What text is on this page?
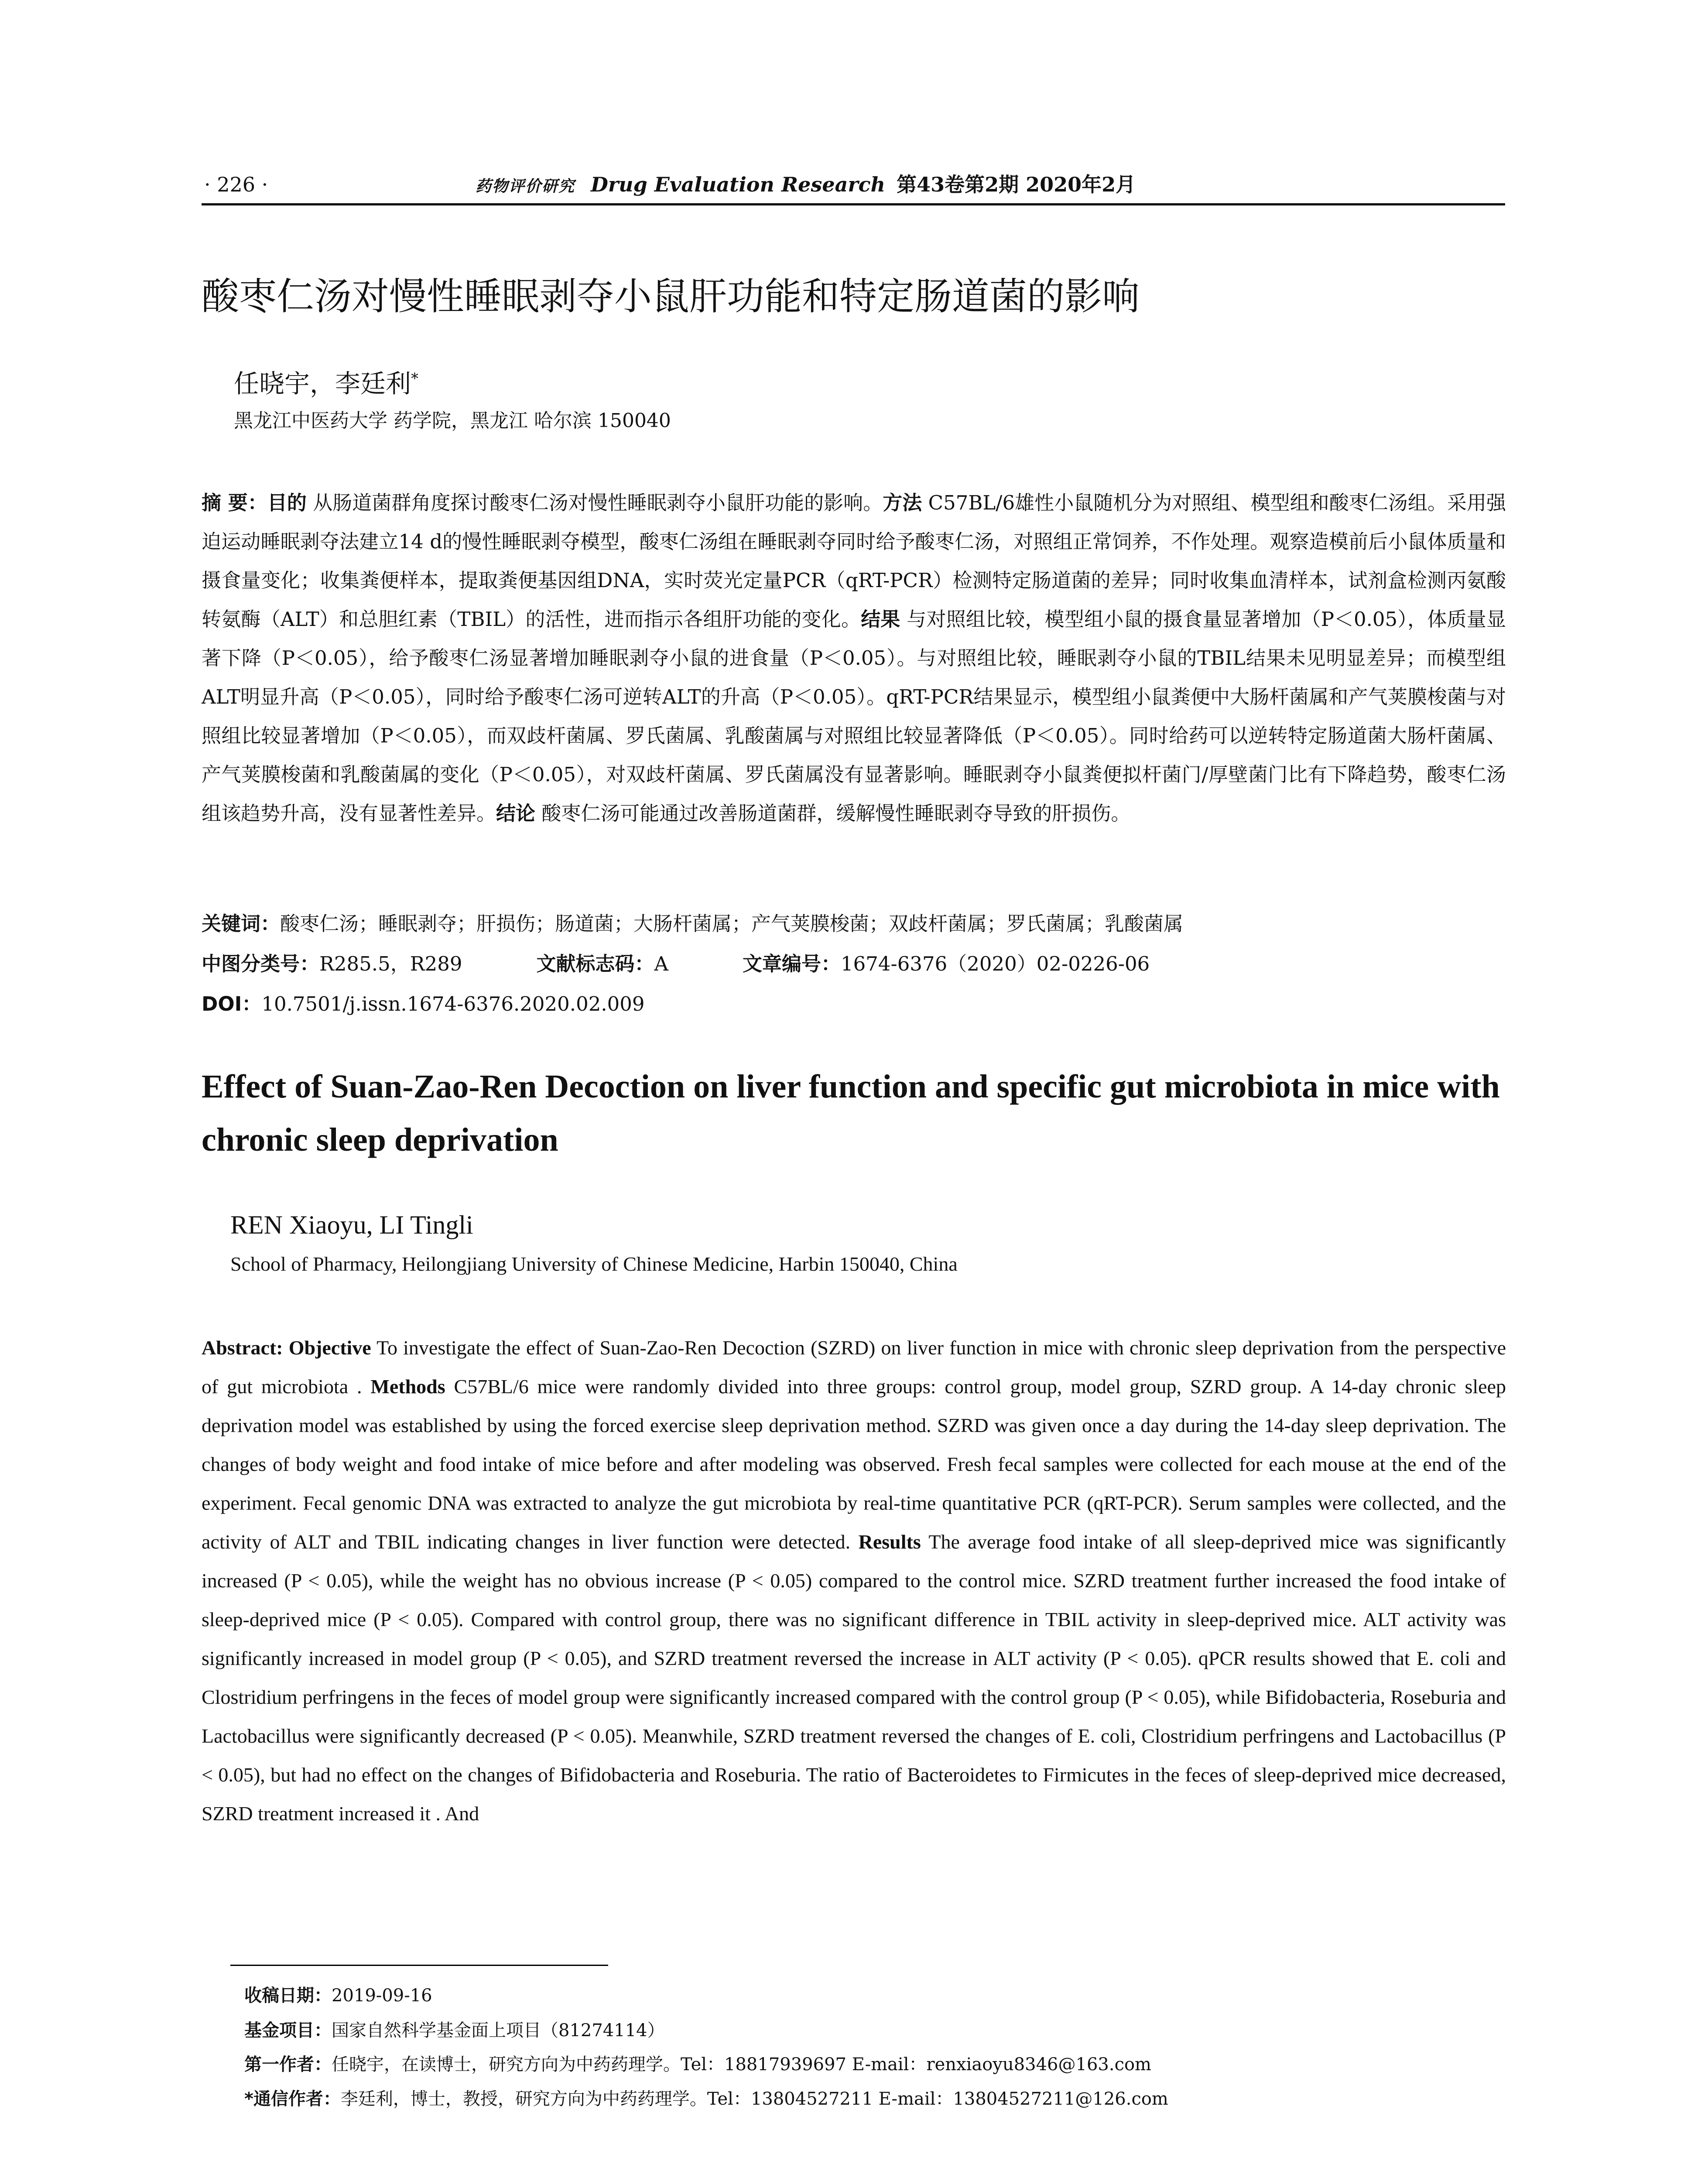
· 226 ·	药物评价研究 Drug Evaluation Research 第43卷第2期 2020年2月
酸枣仁汤对慢性睡眠剥夺小鼠肝功能和特定肠道菌的影响
任晓宇，李廷利*
黑龙江中医药大学 药学院，黑龙江 哈尔滨 150040
摘 要：目的 从肠道菌群角度探讨酸枣仁汤对慢性睡眠剥夺小鼠肝功能的影响。方法 C57BL/6雄性小鼠随机分为对照组、模型组和酸枣仁汤组。采用强迫运动睡眠剥夺法建立14 d的慢性睡眠剥夺模型，酸枣仁汤组在睡眠剥夺同时给予酸枣仁汤，对照组正常饲养，不作处理。观察造模前后小鼠体质量和摄食量变化；收集粪便样本，提取粪便基因组DNA，实时荧光定量PCR（qRT-PCR）检测特定肠道菌的差异；同时收集血清样本，试剂盒检测丙氨酸转氨酶（ALT）和总胆红素（TBIL）的活性，进而指示各组肝功能的变化。结果 与对照组比较，模型组小鼠的摄食量显著增加（P＜0.05），体质量显著下降（P＜0.05），给予酸枣仁汤显著增加睡眠剥夺小鼠的进食量（P＜0.05）。与对照组比较，睡眠剥夺小鼠的TBIL结果未见明显差异；而模型组ALT明显升高（P＜0.05），同时给予酸枣仁汤可逆转ALT的升高（P＜0.05）。qRT-PCR结果显示，模型组小鼠粪便中大肠杆菌属和产气荚膜梭菌与对照组比较显著增加（P＜0.05），而双歧杆菌属、罗氏菌属、乳酸菌属与对照组比较显著降低（P＜0.05）。同时给药可以逆转特定肠道菌大肠杆菌属、产气荚膜梭菌和乳酸菌属的变化（P＜0.05），对双歧杆菌属、罗氏菌属没有显著影响。睡眠剥夺小鼠粪便拟杆菌门/厚壁菌门比有下降趋势，酸枣仁汤组该趋势升高，没有显著性差异。结论 酸枣仁汤可能通过改善肠道菌群，缓解慢性睡眠剥夺导致的肝损伤。
关键词：酸枣仁汤；睡眠剥夺；肝损伤；肠道菌；大肠杆菌属；产气荚膜梭菌；双歧杆菌属；罗氏菌属；乳酸菌属
中图分类号：R285.5，R289	文献标志码：A	文章编号：1674-6376（2020）02-0226-06
DOI：10.7501/j.issn.1674-6376.2020.02.009
Effect of Suan-Zao-Ren Decoction on liver function and specific gut microbiota in mice with chronic sleep deprivation
REN Xiaoyu, LI Tingli
School of Pharmacy, Heilongjiang University of Chinese Medicine, Harbin 150040, China
Abstract: Objective To investigate the effect of Suan-Zao-Ren Decoction (SZRD) on liver function in mice with chronic sleep deprivation from the perspective of gut microbiota . Methods C57BL/6 mice were randomly divided into three groups: control group, model group, SZRD group. A 14-day chronic sleep deprivation model was established by using the forced exercise sleep deprivation method. SZRD was given once a day during the 14-day sleep deprivation. The changes of body weight and food intake of mice before and after modeling was observed. Fresh fecal samples were collected for each mouse at the end of the experiment. Fecal genomic DNA was extracted to analyze the gut microbiota by real-time quantitative PCR (qRT-PCR). Serum samples were collected, and the activity of ALT and TBIL indicating changes in liver function were detected. Results The average food intake of all sleep-deprived mice was significantly increased (P < 0.05), while the weight has no obvious increase (P < 0.05) compared to the control mice. SZRD treatment further increased the food intake of sleep-deprived mice (P < 0.05). Compared with control group, there was no significant difference in TBIL activity in sleep-deprived mice. ALT activity was significantly increased in model group (P < 0.05), and SZRD treatment reversed the increase in ALT activity (P < 0.05). qPCR results showed that E. coli and Clostridium perfringens in the feces of model group were significantly increased compared with the control group (P < 0.05), while Bifidobacteria, Roseburia and Lactobacillus were significantly decreased (P < 0.05). Meanwhile, SZRD treatment reversed the changes of E. coli, Clostridium perfringens and Lactobacillus (P < 0.05), but had no effect on the changes of Bifidobacteria and Roseburia. The ratio of Bacteroidetes to Firmicutes in the feces of sleep-deprived mice decreased, SZRD treatment increased it . And
收稿日期：2019-09-16
基金项目：国家自然科学基金面上项目（81274114）
第一作者：任晓宇，在读博士，研究方向为中药药理学。Tel：18817939697 E-mail：renxiaoyu8346@163.com
*通信作者：李廷利，博士，教授，研究方向为中药药理学。Tel：13804527211 E-mail：13804527211@126.com
